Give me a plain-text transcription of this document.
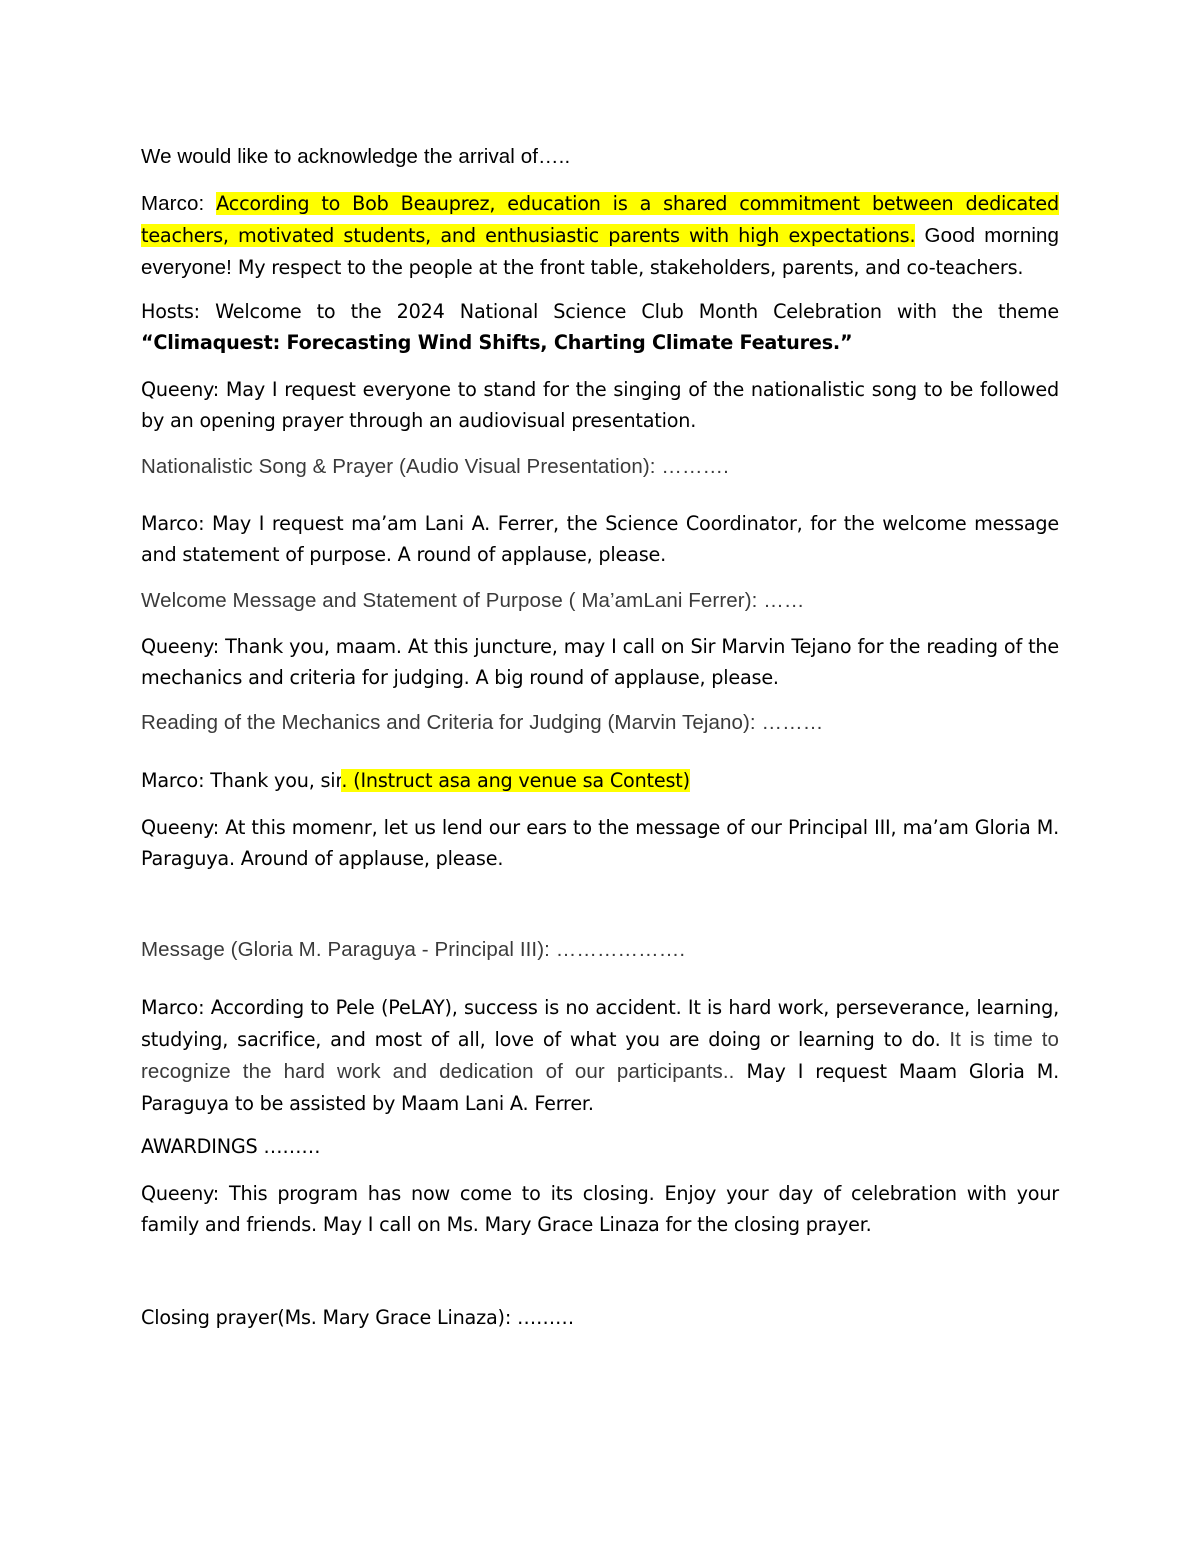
We would like to acknowledge the arrival of…..

Marco: According to Bob Beauprez, education is a shared commitment between dedicated teachers, motivated students, and enthusiastic parents with high expectations. Good morning everyone! My respect to the people at the front table, stakeholders, parents, and co-teachers.

Hosts: Welcome to the 2024 National Science Club Month Celebration with the theme “Climaquest: Forecasting Wind Shifts, Charting Climate Features.”

Queeny: May I request everyone to stand for the singing of the nationalistic song to be followed by an opening prayer through an audiovisual presentation.

Nationalistic Song & Prayer (Audio Visual Presentation): ……….

Marco: May I request ma’am Lani A. Ferrer, the Science Coordinator, for the welcome message and statement of purpose. A round of applause, please.

Welcome Message and Statement of Purpose ( Ma’amLani Ferrer): ……

Queeny: Thank you, maam. At this juncture, may I call on Sir Marvin Tejano for the reading of the mechanics and criteria for judging. A big round of applause, please.

Reading of the Mechanics and Criteria for Judging (Marvin Tejano): ………

Marco: Thank you, sir. (Instruct asa ang venue sa Contest)

Queeny: At this momenr, let us lend our ears to the message of our Principal III, ma’am Gloria M. Paraguya. Around of applause, please.

Message (Gloria M. Paraguya - Principal III): ……………….

Marco: According to Pele (PeLAY), success is no accident. It is hard work, perseverance, learning, studying, sacrifice, and most of all, love of what you are doing or learning to do. It is time to recognize the hard work and dedication of our participants.. May I request Maam Gloria M. Paraguya to be assisted by Maam Lani A. Ferrer.

AWARDINGS ………

Queeny: This program has now come to its closing. Enjoy your day of celebration with your family and friends. May I call on Ms. Mary Grace Linaza for the closing prayer.

Closing prayer(Ms. Mary Grace Linaza): ………
